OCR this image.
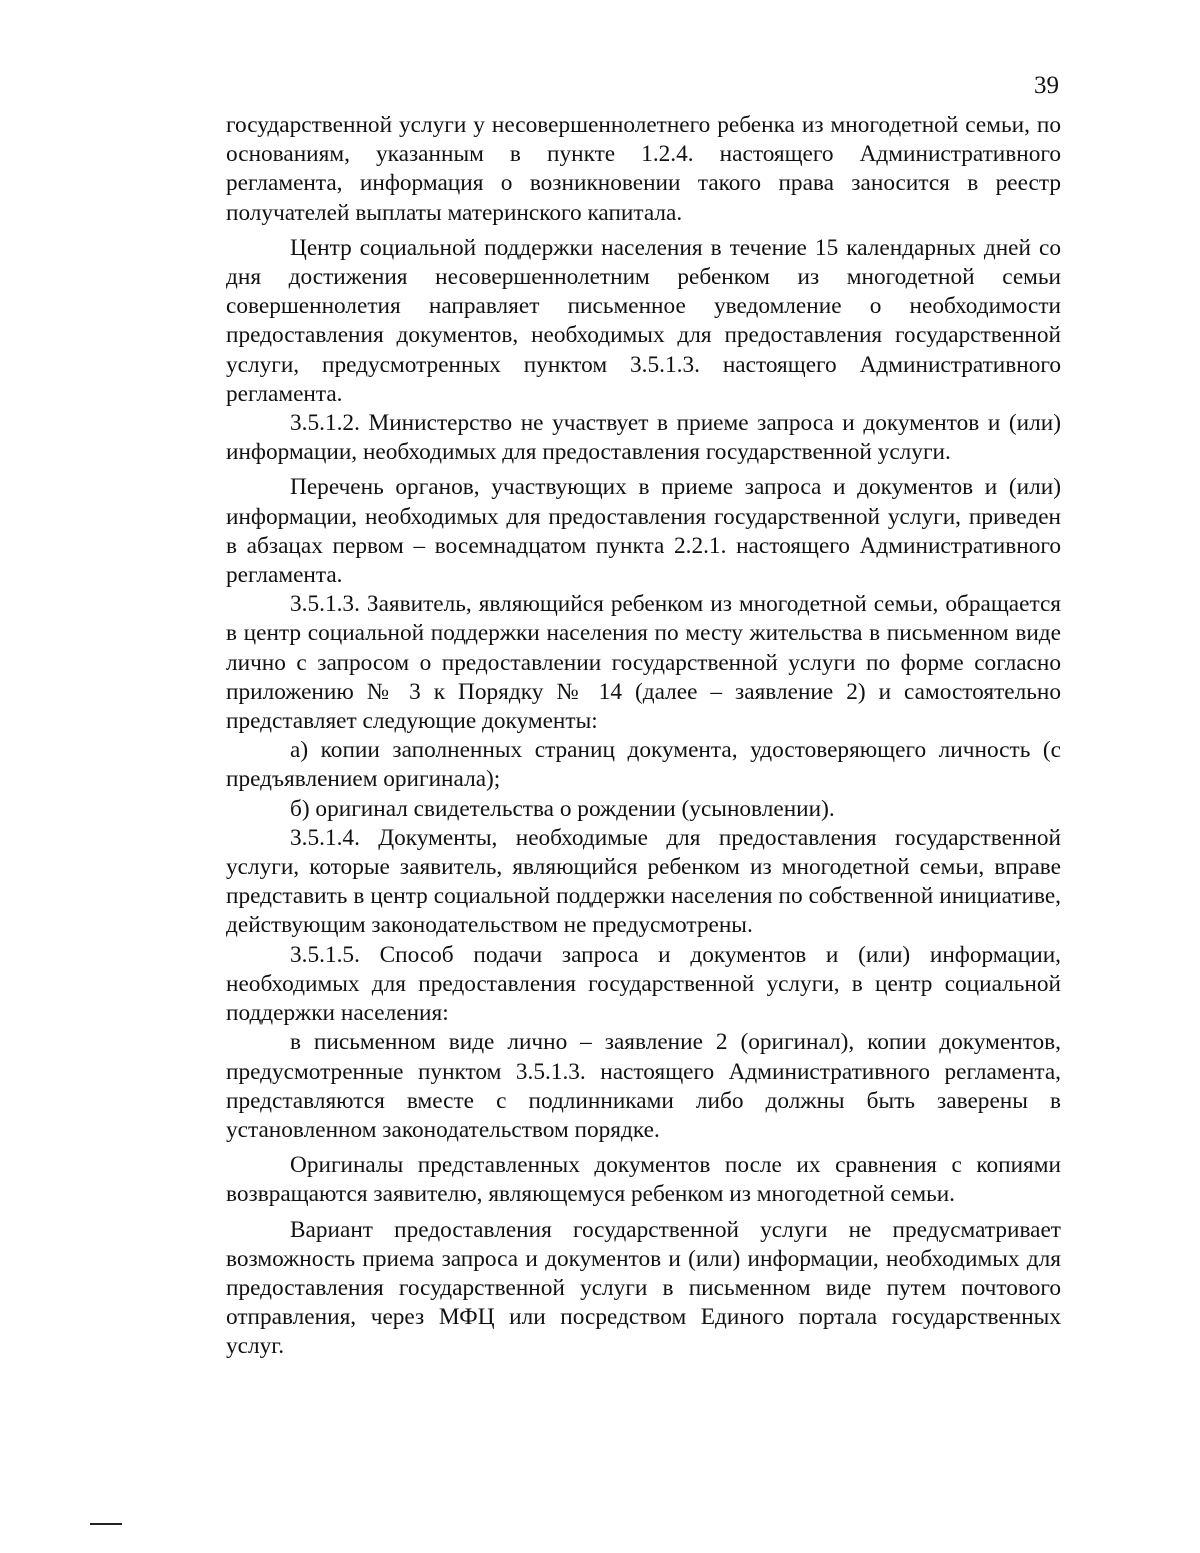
39

государственной услуги у несовершеннолетнего ребенка из многодетной семьи, по основаниям, указанным в пункте 1.2.4. настоящего Административного регламента, информация о возникновении такого права заносится в реестр получателей выплаты материнского капитала.

Центр социальной поддержки населения в течение 15 календарных дней со дня достижения несовершеннолетним ребенком из многодетной семьи совершеннолетия направляет письменное уведомление о необходимости предоставления документов, необходимых для предоставления государственной услуги, предусмотренных пунктом 3.5.1.3. настоящего Административного регламента.

3.5.1.2. Министерство не участвует в приеме запроса и документов и (или) информации, необходимых для предоставления государственной услуги.

Перечень органов, участвующих в приеме запроса и документов и (или) информации, необходимых для предоставления государственной услуги, приведен в абзацах первом – восемнадцатом пункта 2.2.1. настоящего Административного регламента.

3.5.1.3. Заявитель, являющийся ребенком из многодетной семьи, обращается в центр социальной поддержки населения по месту жительства в письменном виде лично с запросом о предоставлении государственной услуги по форме согласно приложению № 3 к Порядку № 14 (далее – заявление 2) и самостоятельно представляет следующие документы:

а) копии заполненных страниц документа, удостоверяющего личность (с предъявлением оригинала);

б) оригинал свидетельства о рождении (усыновлении).

3.5.1.4. Документы, необходимые для предоставления государственной услуги, которые заявитель, являющийся ребенком из многодетной семьи, вправе представить в центр социальной поддержки населения по собственной инициативе, действующим законодательством не предусмотрены.

3.5.1.5. Способ подачи запроса и документов и (или) информации, необходимых для предоставления государственной услуги, в центр социальной поддержки населения:

в письменном виде лично – заявление 2 (оригинал), копии документов, предусмотренные пунктом 3.5.1.3. настоящего Административного регламента, представляются вместе с подлинниками либо должны быть заверены в установленном законодательством порядке.

Оригиналы представленных документов после их сравнения с копиями возвращаются заявителю, являющемуся ребенком из многодетной семьи.

Вариант предоставления государственной услуги не предусматривает возможность приема запроса и документов и (или) информации, необходимых для предоставления государственной услуги в письменном виде путем почтового отправления, через МФЦ или посредством Единого портала государственных услуг.
